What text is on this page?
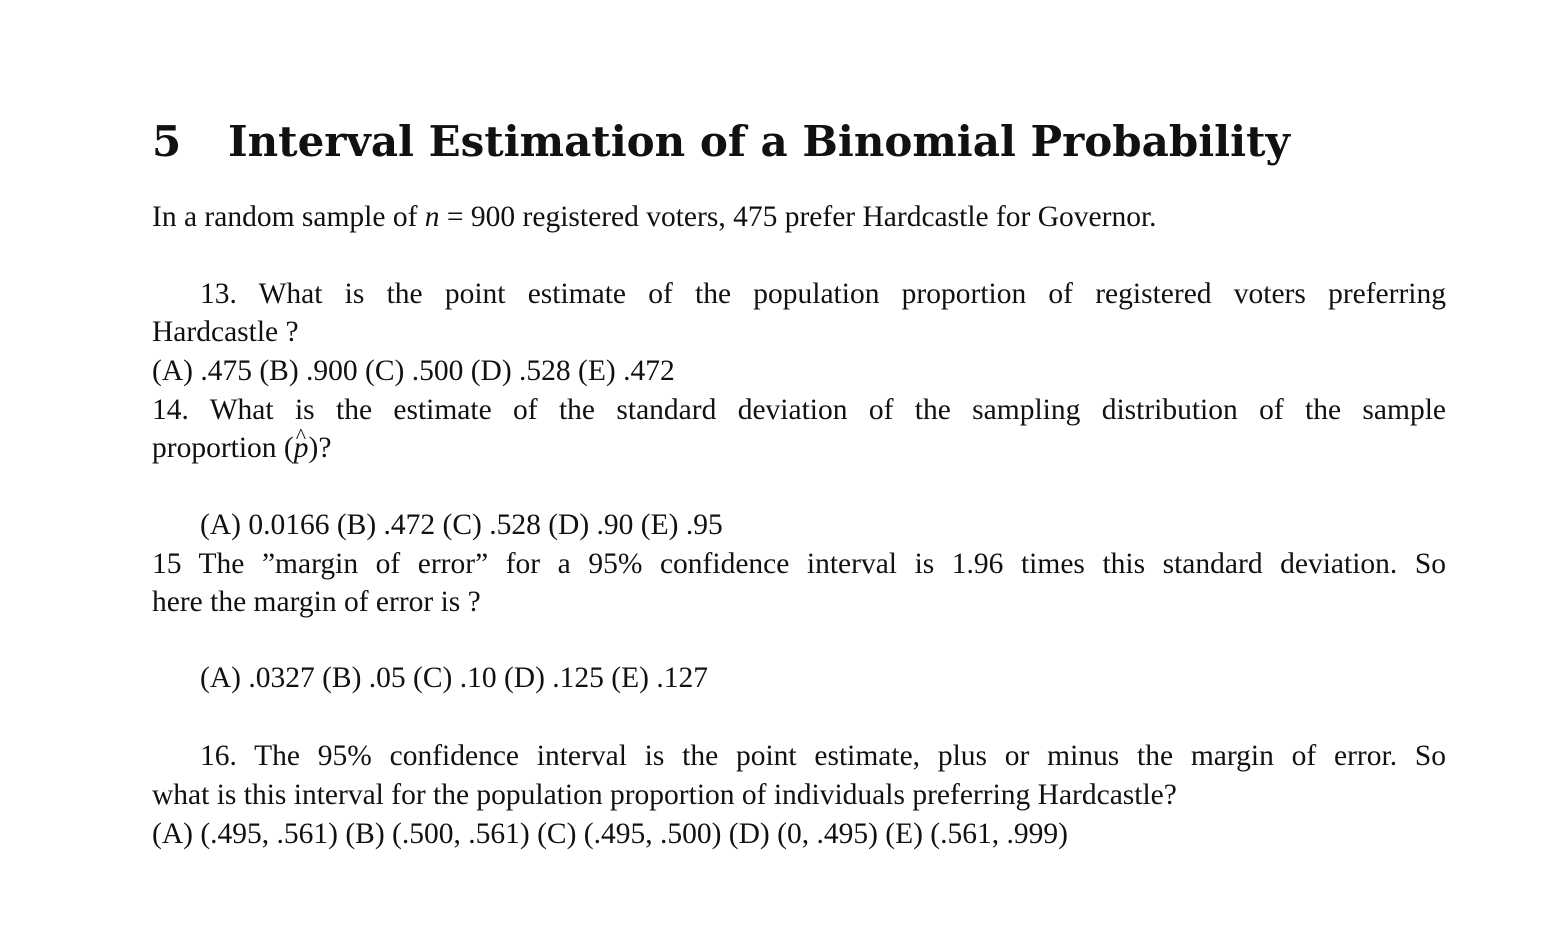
5 Interval Estimation of a Binomial Probability
In a random sample of n = 900 registered voters, 475 prefer Hardcastle for Governor.
13. What is the point estimate of the population proportion of registered voters preferring
Hardcastle ?
(A) .475 (B) .900 (C) .500 (D) .528 (E) .472
14. What is the estimate of the standard deviation of the sampling distribution of the sample
proportion (^ p)?
(A) 0.0166 (B) .472 (C) .528 (D) .90 (E) .95
15 The ”margin of error” for a 95% confidence interval is 1.96 times this standard deviation. So
here the margin of error is ?
(A) .0327 (B) .05 (C) .10 (D) .125 (E) .127
16. The 95% confidence interval is the point estimate, plus or minus the margin of error. So
what is this interval for the population proportion of individuals preferring Hardcastle?
(A) (.495, .561) (B) (.500, .561) (C) (.495, .500) (D) (0, .495) (E) (.561, .999)
